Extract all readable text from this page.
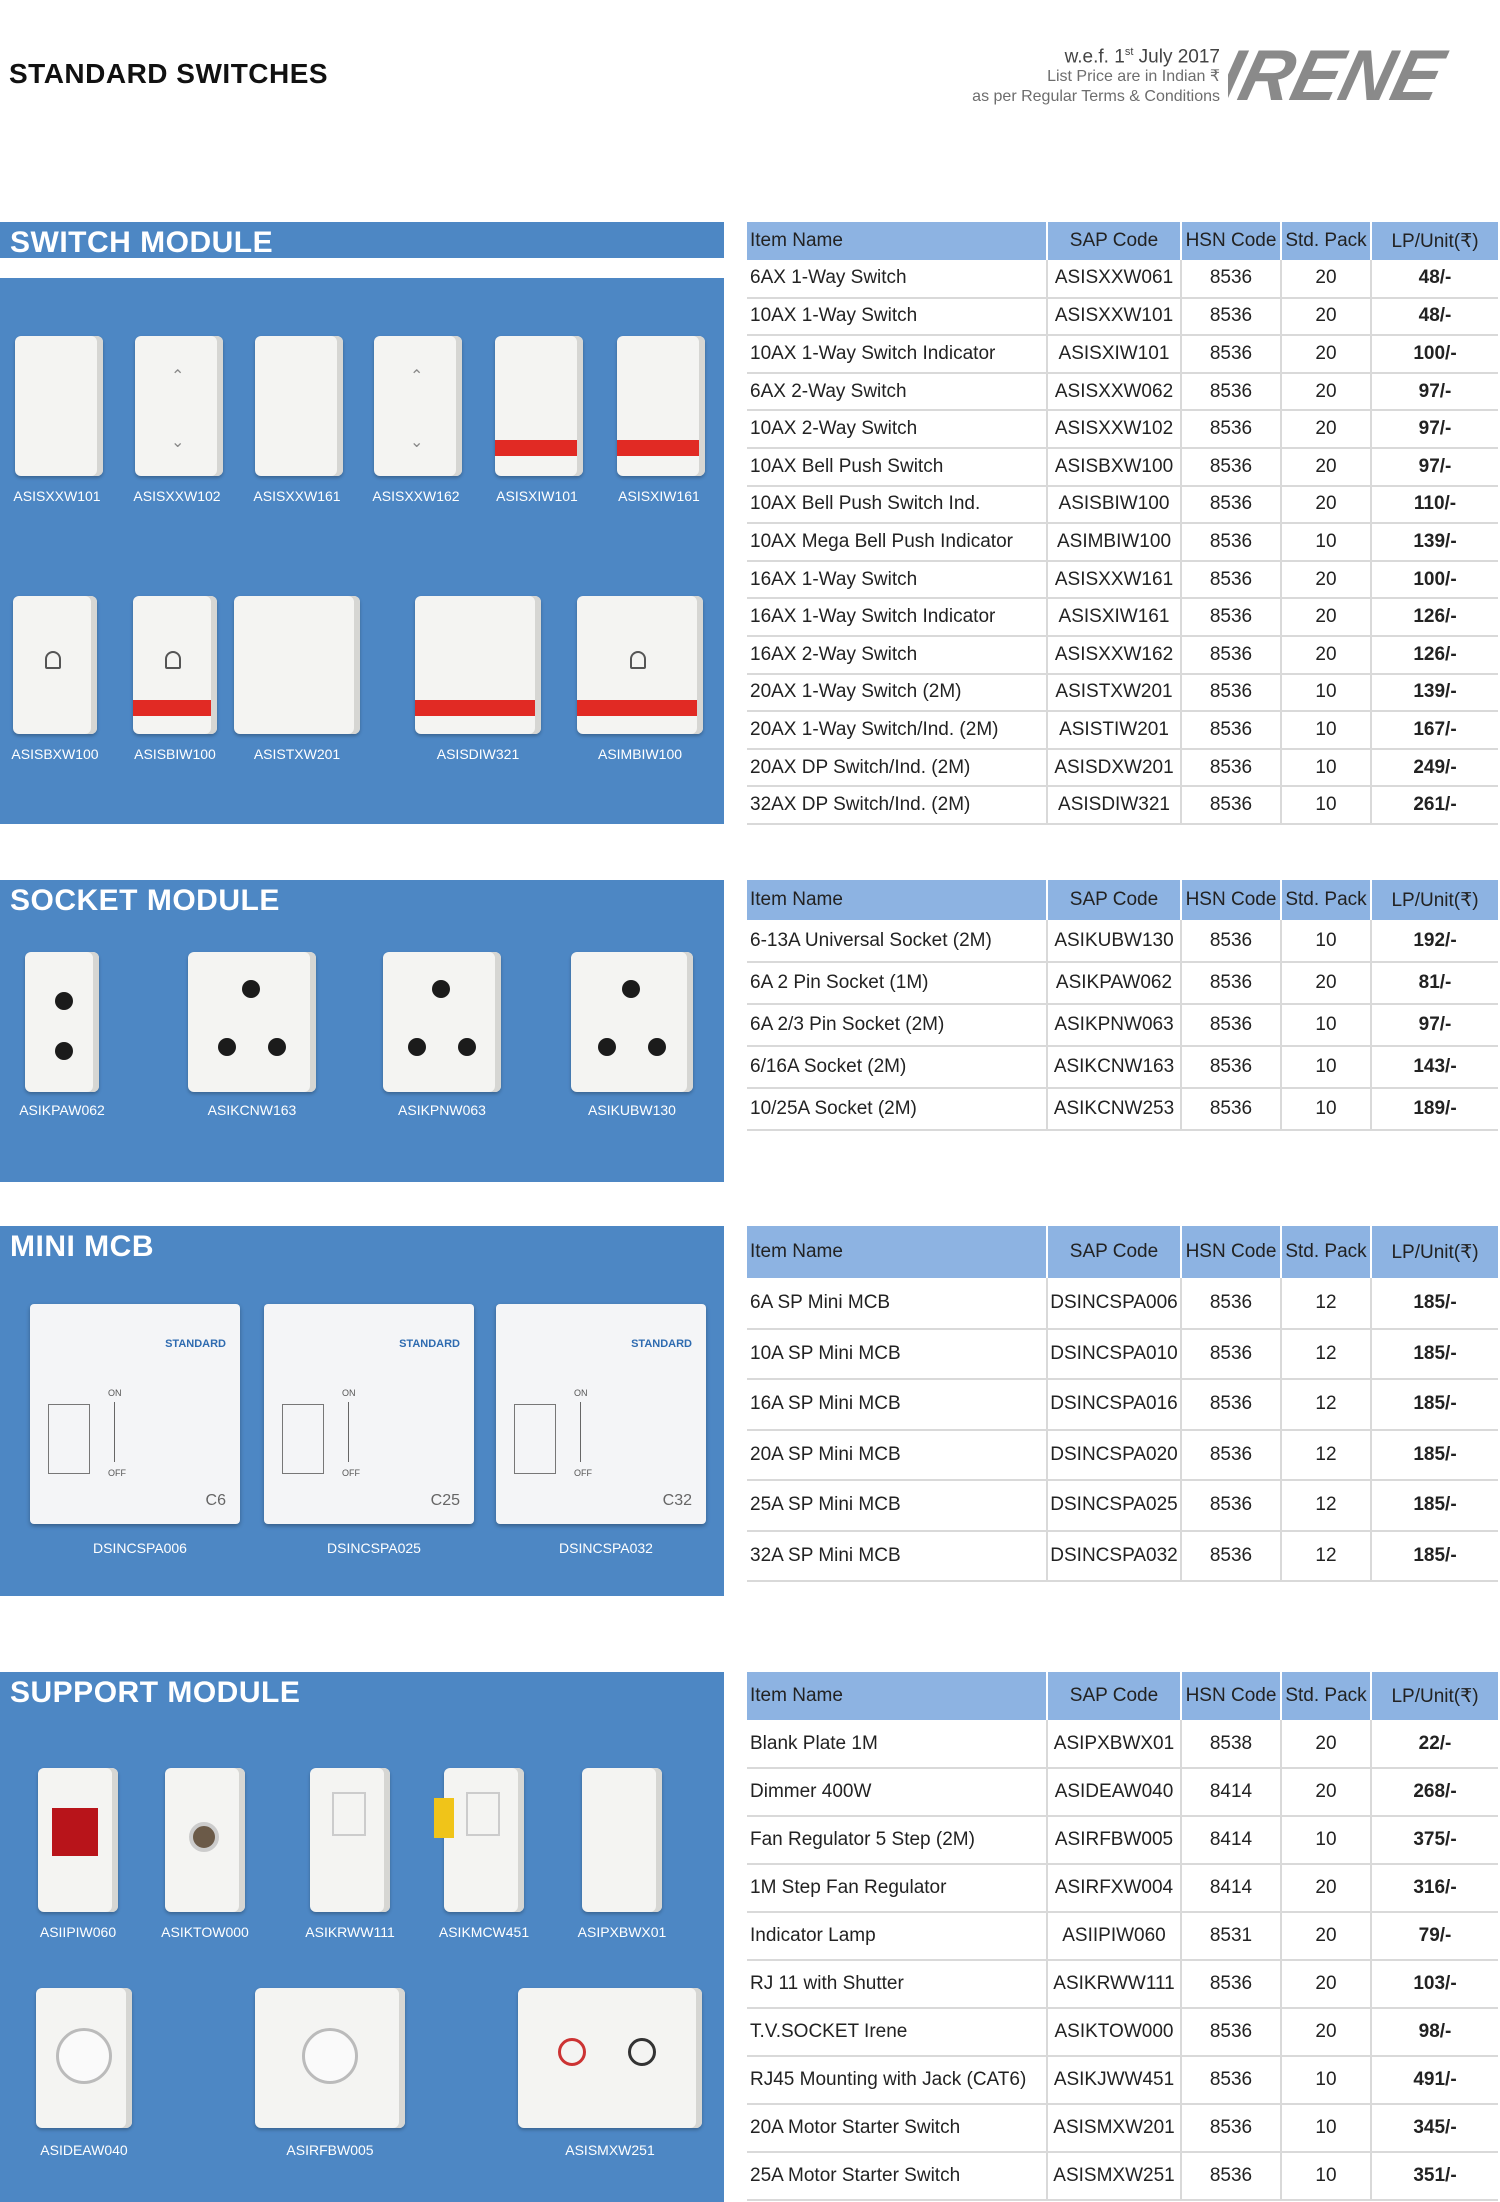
STANDARD SWITCHES
w.e.f. 1st July 2017
List Price are in Indian ₹
as per Regular Terms & Conditions
IRENE
SWITCH MODULE
ASISXXW101
⌃
⌄
ASISXXW102	ASISXXW161
⌃
⌄
ASISXXW162	ASISXIW101	ASISXIW161
ASISBXW100	ASISBIW100	ASISTXW201	ASISDIW321	ASIMBIW100
Item Name	SAP Code	HSN Code	Std. Pack	LP/Unit(₹)
6AX 1-Way Switch	ASISXXW061	8536	20	48/-
10AX 1-Way Switch	ASISXXW101	8536	20	48/-
10AX 1-Way Switch Indicator	ASISXIW101	8536	20	100/-
6AX 2-Way Switch	ASISXXW062	8536	20	97/-
10AX 2-Way Switch	ASISXXW102	8536	20	97/-
10AX Bell Push Switch	ASISBXW100	8536	20	97/-
10AX Bell Push Switch Ind.	ASISBIW100	8536	20	110/-
10AX Mega Bell Push Indicator	ASIMBIW100	8536	10	139/-
16AX 1-Way Switch	ASISXXW161	8536	20	100/-
16AX 1-Way Switch Indicator	ASISXIW161	8536	20	126/-
16AX 2-Way Switch	ASISXXW162	8536	20	126/-
20AX 1-Way Switch (2M)	ASISTXW201	8536	10	139/-
20AX 1-Way Switch/Ind. (2M)	ASISTIW201	8536	10	167/-
20AX DP Switch/Ind. (2M)	ASISDXW201	8536	10	249/-
32AX DP Switch/Ind. (2M)	ASISDIW321	8536	10	261/-
SOCKET MODULE
ASIKPAW062	ASIKCNW163	ASIKPNW063	ASIKUBW130
Item Name	SAP Code	HSN Code	Std. Pack	LP/Unit(₹)
6-13A Universal Socket (2M)	ASIKUBW130	8536	10	192/-
6A 2 Pin Socket (1M)	ASIKPAW062	8536	20	81/-
6A 2/3 Pin Socket (2M)	ASIKPNW063	8536	10	97/-
6/16A Socket (2M)	ASIKCNW163	8536	10	143/-
10/25A Socket (2M)	ASIKCNW253	8536	10	189/-
MINI MCB
STANDARD
ON
OFF
C6
DSINCSPA006
STANDARD
ON
OFF
C25
DSINCSPA025
STANDARD
ON
OFF
C32
DSINCSPA032
Item Name	SAP Code	HSN Code	Std. Pack	LP/Unit(₹)
6A SP Mini MCB	DSINCSPA006	8536	12	185/-
10A SP Mini MCB	DSINCSPA010	8536	12	185/-
16A SP Mini MCB	DSINCSPA016	8536	12	185/-
20A SP Mini MCB	DSINCSPA020	8536	12	185/-
25A SP Mini MCB	DSINCSPA025	8536	12	185/-
32A SP Mini MCB	DSINCSPA032	8536	12	185/-
SUPPORT MODULE
ASIIPIW060	ASIKTOW000	ASIKRWW111	ASIKMCW451	ASIPXBWX01
ASIDEAW040	ASIRFBW005	ASISMXW251
Item Name	SAP Code	HSN Code	Std. Pack	LP/Unit(₹)
Blank Plate 1M	ASIPXBWX01	8538	20	22/-
Dimmer 400W	ASIDEAW040	8414	20	268/-
Fan Regulator 5 Step (2M)	ASIRFBW005	8414	10	375/-
1M Step Fan Regulator	ASIRFXW004	8414	20	316/-
Indicator Lamp	ASIIPIW060	8531	20	79/-
RJ 11 with Shutter	ASIKRWW111	8536	20	103/-
T.V.SOCKET Irene	ASIKTOW000	8536	20	98/-
RJ45 Mounting with Jack (CAT6)	ASIKJWW451	8536	10	491/-
20A Motor Starter Switch	ASISMXW201	8536	10	345/-
25A Motor Starter Switch	ASISMXW251	8536	10	351/-
